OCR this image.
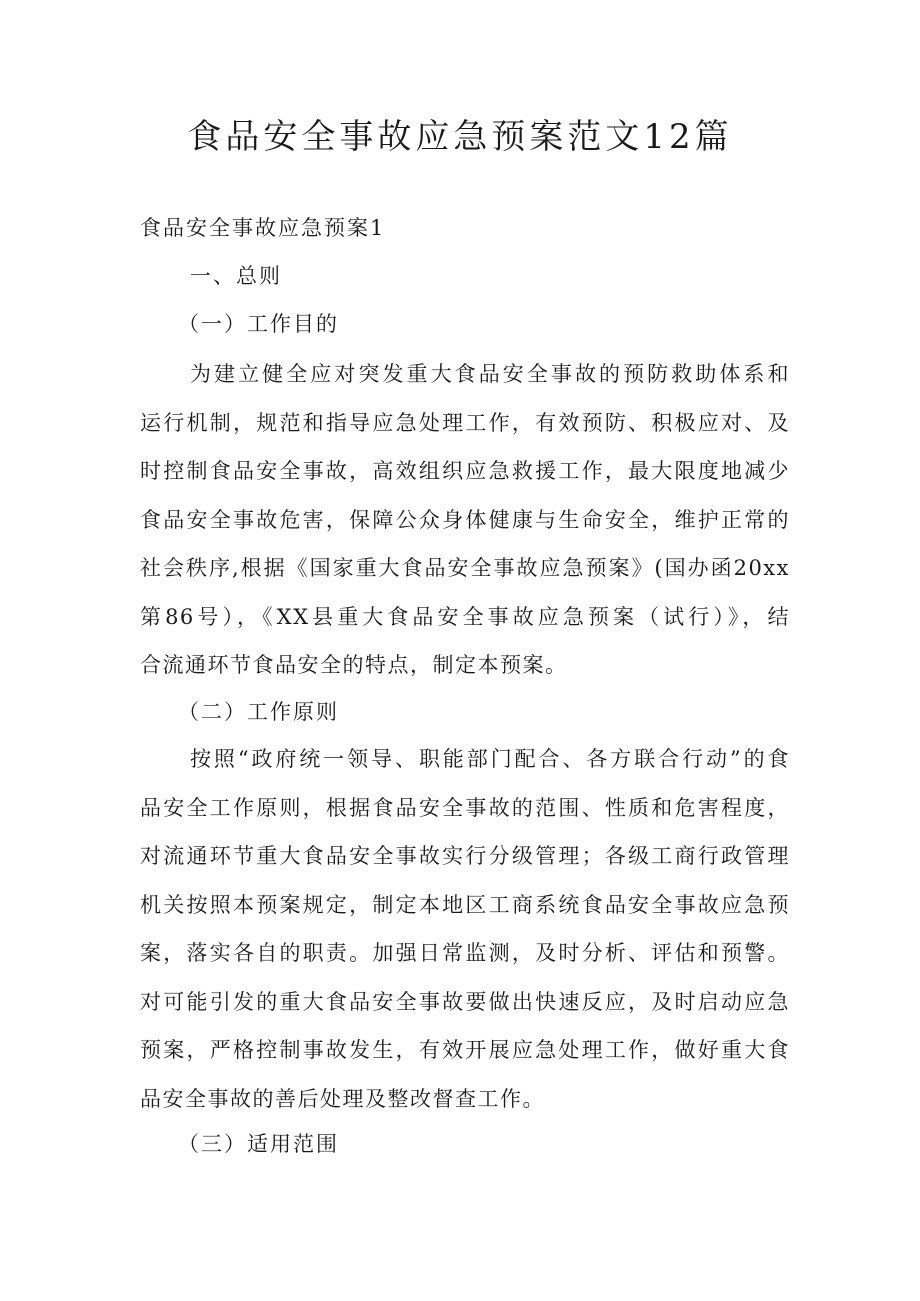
食品安全事故应急预案范文12篇
食品安全事故应急预案1
一、总则
（一）工作目的
为建立健全应对突发重大食品安全事故的预防救助体系和
运行机制，规范和指导应急处理工作，有效预防、积极应对、及
时控制食品安全事故，高效组织应急救援工作，最大限度地减少
食品安全事故危害，保障公众身体健康与生命安全，维护正常的
社会秩序,根据《国家重大食品安全事故应急预案》(国办函20xx
第86号），《XX县重大食品安全事故应急预案（试行）》，结
合流通环节食品安全的特点，制定本预案。
（二）工作原则
按照“政府统一领导、职能部门配合、各方联合行动”的食
品安全工作原则，根据食品安全事故的范围、性质和危害程度，
对流通环节重大食品安全事故实行分级管理；各级工商行政管理
机关按照本预案规定，制定本地区工商系统食品安全事故应急预
案，落实各自的职责。加强日常监测，及时分析、评估和预警。
对可能引发的重大食品安全事故要做出快速反应，及时启动应急
预案，严格控制事故发生，有效开展应急处理工作，做好重大食
品安全事故的善后处理及整改督查工作。
（三）适用范围
